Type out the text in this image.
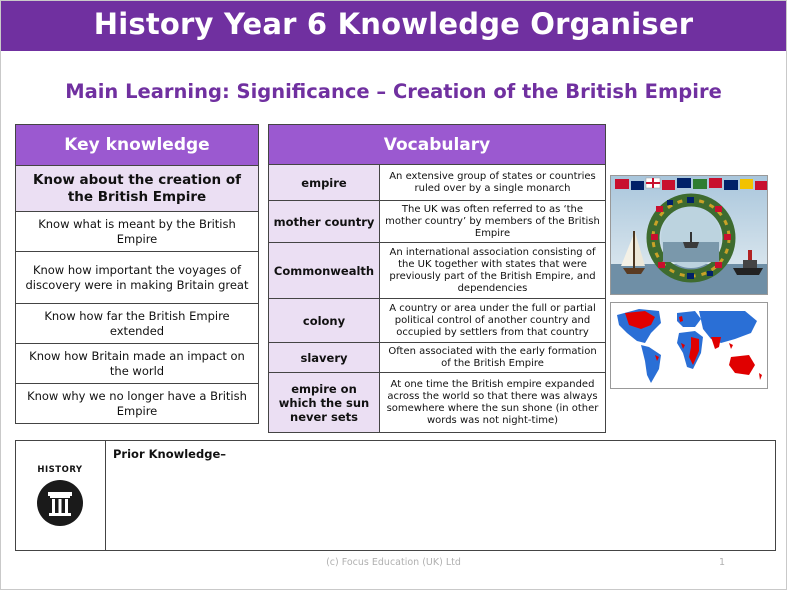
History Year 6 Knowledge Organiser
Main Learning: Significance – Creation of the British Empire
Key knowledge
Know about the creation of the British Empire
Know what is meant by the British Empire
Know how important the voyages of discovery were in making Britain great
Know how far the British Empire extended
Know how Britain made an impact on the world
Know why we no longer have a British Empire
Vocabulary	
empire	An extensive group of states or countries ruled over by a single monarch
mother country	The UK was often referred to as ‘the mother country’ by members of the British Empire
Commonwealth	An international association consisting of the UK together with states that were previously part of the British Empire, and dependencies
colony	A country or area under the full or partial political control of another country and occupied by settlers from that country
slavery	Often associated with the early formation of the British Empire
empire on which the sun never sets	At one time the British empire expanded across the world so that there was always somewhere where the sun shone (in other words was not night-time)
HISTORY
Prior Knowledge–
(c) Focus Education (UK) Ltd	1
